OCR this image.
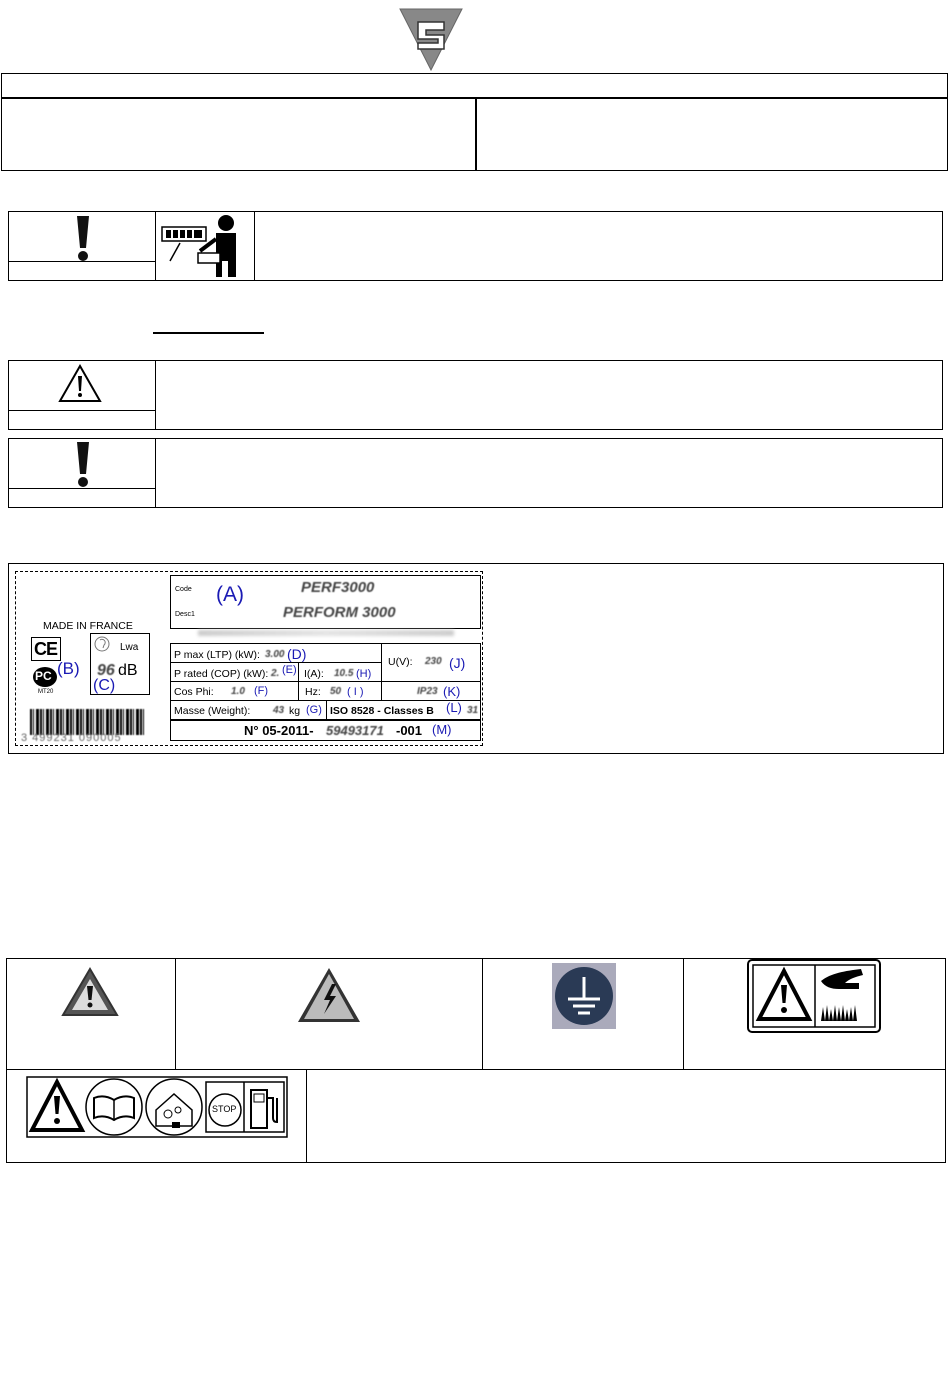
Code
Desc1
(A)	PERF3000
PERFORM 3000
MADE IN FRANCE
CE
PC
MT20
(B)
Lwa
96 dB
(C)
3 499231 090005
P max (LTP) (kW): 3.00 (D)
P rated (COP) (kW): 2. (E) I(A): 10.5 (H)
U(V): 230 (J)
Cos Phi: 1.0 (F)	Hz: 50 ( I )	IP23 (K)
Masse (Weight): 43 kg (G) ISO 8528 - Classes B (L) 31
N° 05-2011- 59493171 -001 (M)
STOP
